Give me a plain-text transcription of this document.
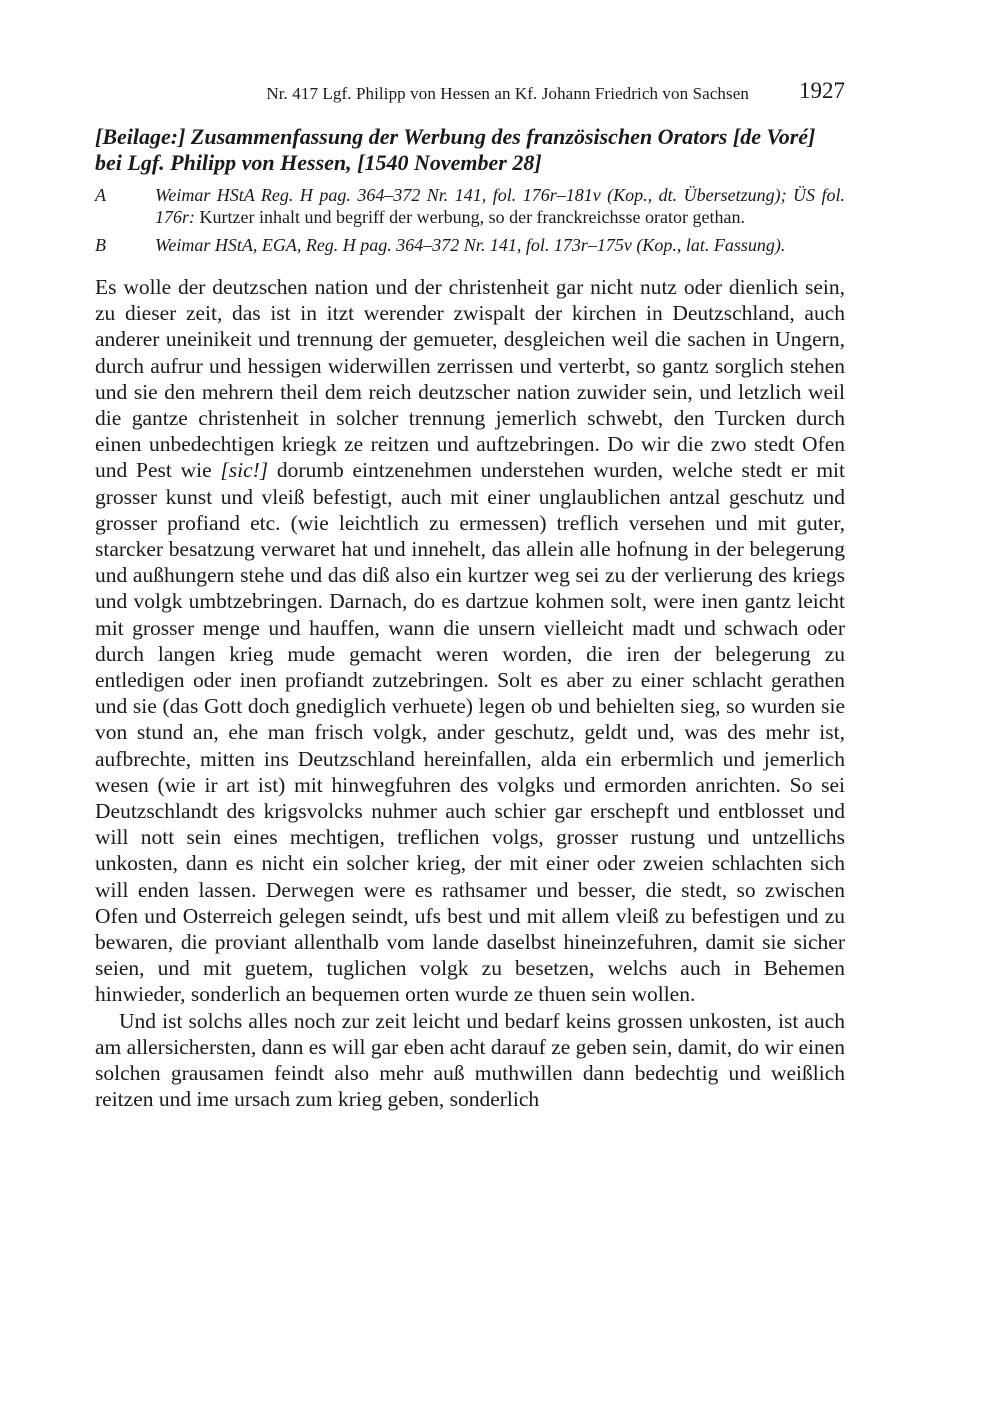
Nr. 417 Lgf. Philipp von Hessen an Kf. Johann Friedrich von Sachsen 1927
[Beilage:] Zusammenfassung der Werbung des französischen Orators [de Voré]
bei Lgf. Philipp von Hessen, [1540 November 28]
A	Weimar HStA Reg. H pag. 364–372 Nr. 141, fol. 176r–181v (Kop., dt. Übersetzung); ÜS fol. 176r: Kurtzer inhalt und begriff der werbung, so der franckreichsse orator gethan.
B	Weimar HStA, EGA, Reg. H pag. 364–372 Nr. 141, fol. 173r–175v (Kop., lat. Fassung).

Es wolle der deutzschen nation und der christenheit gar nicht nutz oder dienlich sein, zu dieser zeit, das ist in itzt werender zwispalt der kirchen in Deutzschland, auch anderer uneinikeit und trennung der gemueter, desgleichen weil die sachen in Ungern, durch aufrur und hessigen widerwillen zerrissen und verterbt, so gantz sorglich stehen und sie den mehrern theil dem reich deutzscher nation zuwider sein, und letzlich weil die gantze christenheit in solcher trennung jemerlich schwebt, den Turcken durch einen unbedechtigen kriegk ze reitzen und auftzebringen. Do wir die zwo stedt Ofen und Pest wie [sic!] dorumb eintzenehmen understehen wurden, welche stedt er mit grosser kunst und vleiß befestigt, auch mit einer unglaublichen antzal geschutz und grosser profiand etc. (wie leichtlich zu ermessen) treflich versehen und mit guter, starcker besatzung verwaret hat und innehelt, das allein alle hofnung in der belegerung und außhungern stehe und das diß also ein kurtzer weg sei zu der verlierung des kriegs und volgk umbtzebringen. Darnach, do es dartzue kohmen solt, were inen gantz leicht mit grosser menge und hauffen, wann die unsern vielleicht madt und schwach oder durch langen krieg mude gemacht weren worden, die iren der belegerung zu entledigen oder inen profiandt zutzebringen. Solt es aber zu einer schlacht gerathen und sie (das Gott doch gnediglich verhuete) legen ob und behielten sieg, so wurden sie von stund an, ehe man frisch volgk, ander geschutz, geldt und, was des mehr ist, aufbrechte, mitten ins Deutzschland hereinfallen, alda ein erbermlich und jemerlich wesen (wie ir art ist) mit hinwegfuhren des volgks und ermorden anrichten. So sei Deutzschlandt des krigsvolcks nuhmer auch schier gar erschepft und entblosset und will nott sein eines mechtigen, treflichen volgs, grosser rustung und untzellichs unkosten, dann es nicht ein solcher krieg, der mit einer oder zweien schlachten sich will enden lassen. Derwegen were es rathsamer und besser, die stedt, so zwischen Ofen und Osterreich gelegen seindt, ufs best und mit allem vleiß zu befestigen und zu bewaren, die proviant allenthalb vom lande daselbst hineinzefuhren, damit sie sicher seien, und mit guetem, tuglichen volgk zu besetzen, welchs auch in Behemen hinwieder, sonderlich an bequemen orten wurde ze thuen sein wollen.

Und ist solchs alles noch zur zeit leicht und bedarf keins grossen unkosten, ist auch am allersichersten, dann es will gar eben acht darauf ze geben sein, damit, do wir einen solchen grausamen feindt also mehr auß muthwillen dann bedechtig und weißlich reitzen und ime ursach zum krieg geben, sonderlich
